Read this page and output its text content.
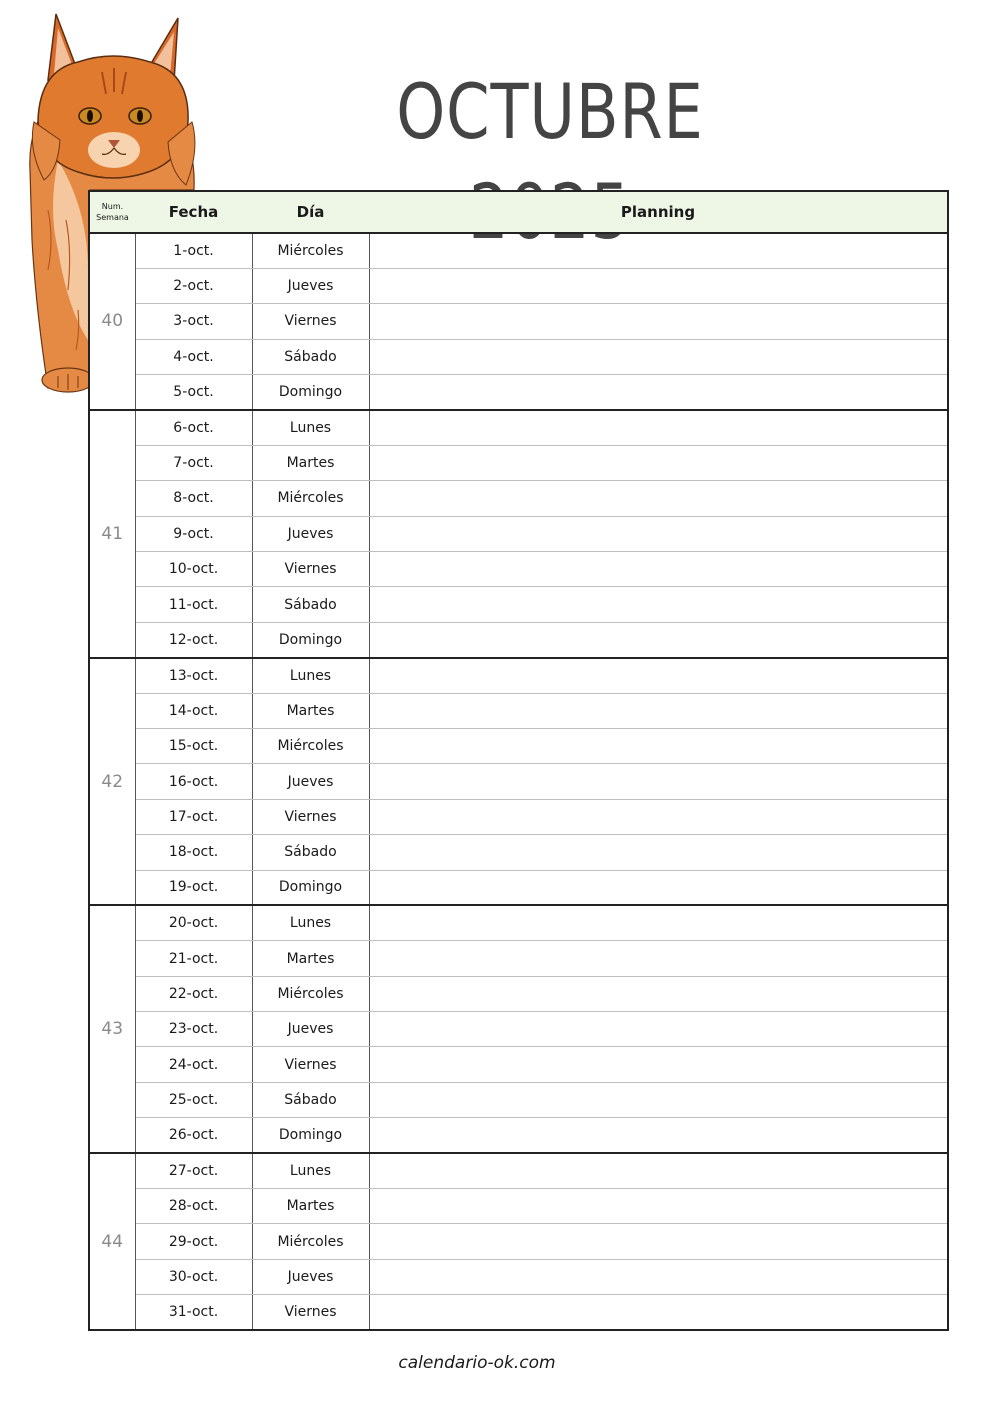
OCTUBRE 2025
Num.
Semana	Fecha	Día	Planning
40	1-oct.	Miércoles	
	2-oct.	Jueves	
	3-oct.	Viernes	
	4-oct.	Sábado	
	5-oct.	Domingo	
41	6-oct.	Lunes	
	7-oct.	Martes	
	8-oct.	Miércoles	
	9-oct.	Jueves	
	10-oct.	Viernes	
	11-oct.	Sábado	
	12-oct.	Domingo	
42	13-oct.	Lunes	
	14-oct.	Martes	
	15-oct.	Miércoles	
	16-oct.	Jueves	
	17-oct.	Viernes	
	18-oct.	Sábado	
	19-oct.	Domingo	
43	20-oct.	Lunes	
	21-oct.	Martes	
	22-oct.	Miércoles	
	23-oct.	Jueves	
	24-oct.	Viernes	
	25-oct.	Sábado	
	26-oct.	Domingo	
44	27-oct.	Lunes	
	28-oct.	Martes	
	29-oct.	Miércoles	
	30-oct.	Jueves	
	31-oct.	Viernes	
calendario-ok.com
